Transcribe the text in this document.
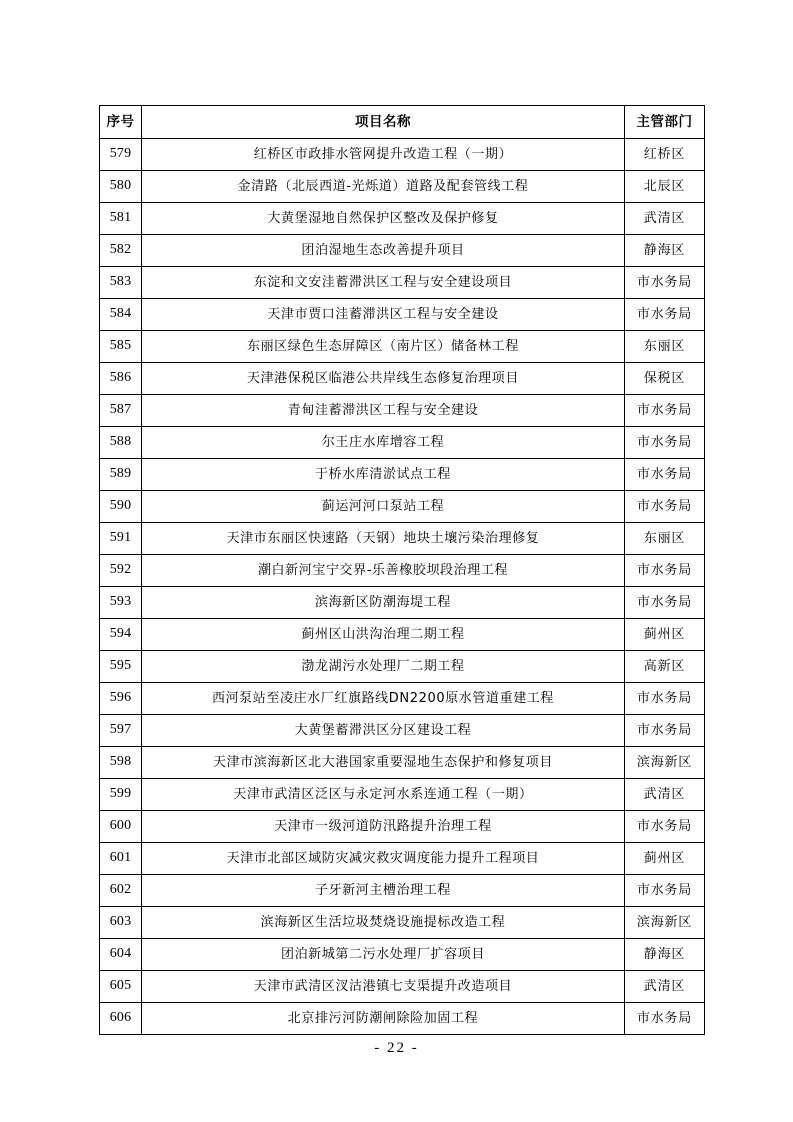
序号	项目名称	主管部门
579	红桥区市政排水管网提升改造工程（一期）	红桥区
580	金清路（北辰西道-光烁道）道路及配套管线工程	北辰区
581	大黄堡湿地自然保护区整改及保护修复	武清区
582	团泊湿地生态改善提升项目	静海区
583	东淀和文安洼蓄滞洪区工程与安全建设项目	市水务局
584	天津市贾口洼蓄滞洪区工程与安全建设	市水务局
585	东丽区绿色生态屏障区（南片区）储备林工程	东丽区
586	天津港保税区临港公共岸线生态修复治理项目	保税区
587	青甸洼蓄滞洪区工程与安全建设	市水务局
588	尔王庄水库增容工程	市水务局
589	于桥水库清淤试点工程	市水务局
590	蓟运河河口泵站工程	市水务局
591	天津市东丽区快速路（天钢）地块土壤污染治理修复	东丽区
592	潮白新河宝宁交界-乐善橡胶坝段治理工程	市水务局
593	滨海新区防潮海堤工程	市水务局
594	蓟州区山洪沟治理二期工程	蓟州区
595	渤龙湖污水处理厂二期工程	高新区
596	西河泵站至凌庄水厂红旗路线DN2200原水管道重建工程	市水务局
597	大黄堡蓄滞洪区分区建设工程	市水务局
598	天津市滨海新区北大港国家重要湿地生态保护和修复项目	滨海新区
599	天津市武清区泛区与永定河水系连通工程（一期）	武清区
600	天津市一级河道防汛路提升治理工程	市水务局
601	天津市北部区域防灾减灾救灾调度能力提升工程项目	蓟州区
602	子牙新河主槽治理工程	市水务局
603	滨海新区生活垃圾焚烧设施提标改造工程	滨海新区
604	团泊新城第二污水处理厂扩容项目	静海区
605	天津市武清区汊沽港镇七支渠提升改造项目	武清区
606	北京排污河防潮闸除险加固工程	市水务局
- 22 -
